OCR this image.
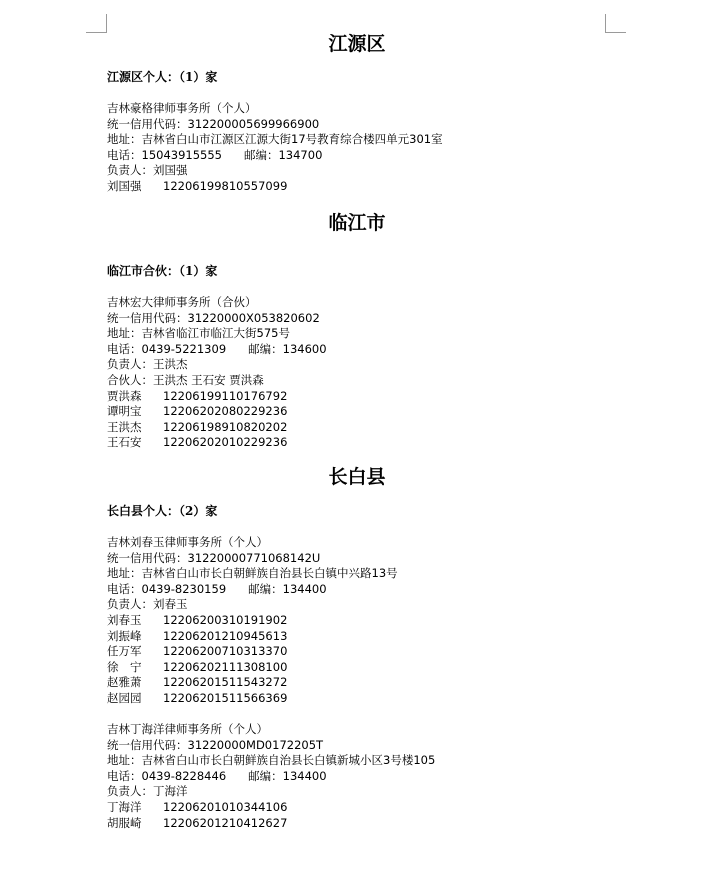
江源区
江源区个人：（1）家
吉林豪格律师事务所（个人）
统一信用代码：312200005699966900
地址：吉林省白山市江源区江源大街17号教育综合楼四单元301室
电话：15043915555 邮编：134700
负责人：刘国强
刘国强 12206199810557099
临江市
临江市合伙：（1）家
吉林宏大律师事务所（合伙）
统一信用代码：31220000X053820602
地址：吉林省临江市临江大街575号
电话：0439-5221309 邮编：134600
负责人：王洪杰
合伙人：王洪杰 王石安 贾洪森
贾洪森 12206199110176792
谭明宝 12206202080229236
王洪杰 12206198910820202
王石安 12206202010229236
长白县
长白县个人：（2）家
吉林刘春玉律师事务所（个人）
统一信用代码：31220000771068142U
地址：吉林省白山市长白朝鲜族自治县长白镇中兴路13号
电话：0439-8230159 邮编：134400
负责人：刘春玉
刘春玉 12206200310191902
刘振峰 12206201210945613
任万军 12206200710313370
徐　宁 12206202111308100
赵雅萧 12206201511543272
赵园园 12206201511566369
吉林丁海洋律师事务所（个人）
统一信用代码：31220000MD0172205T
地址：吉林省白山市长白朝鲜族自治县长白镇新城小区3号楼105
电话：0439-8228446 邮编：134400
负责人：丁海洋
丁海洋 12206201010344106
胡服崎 12206201210412627
